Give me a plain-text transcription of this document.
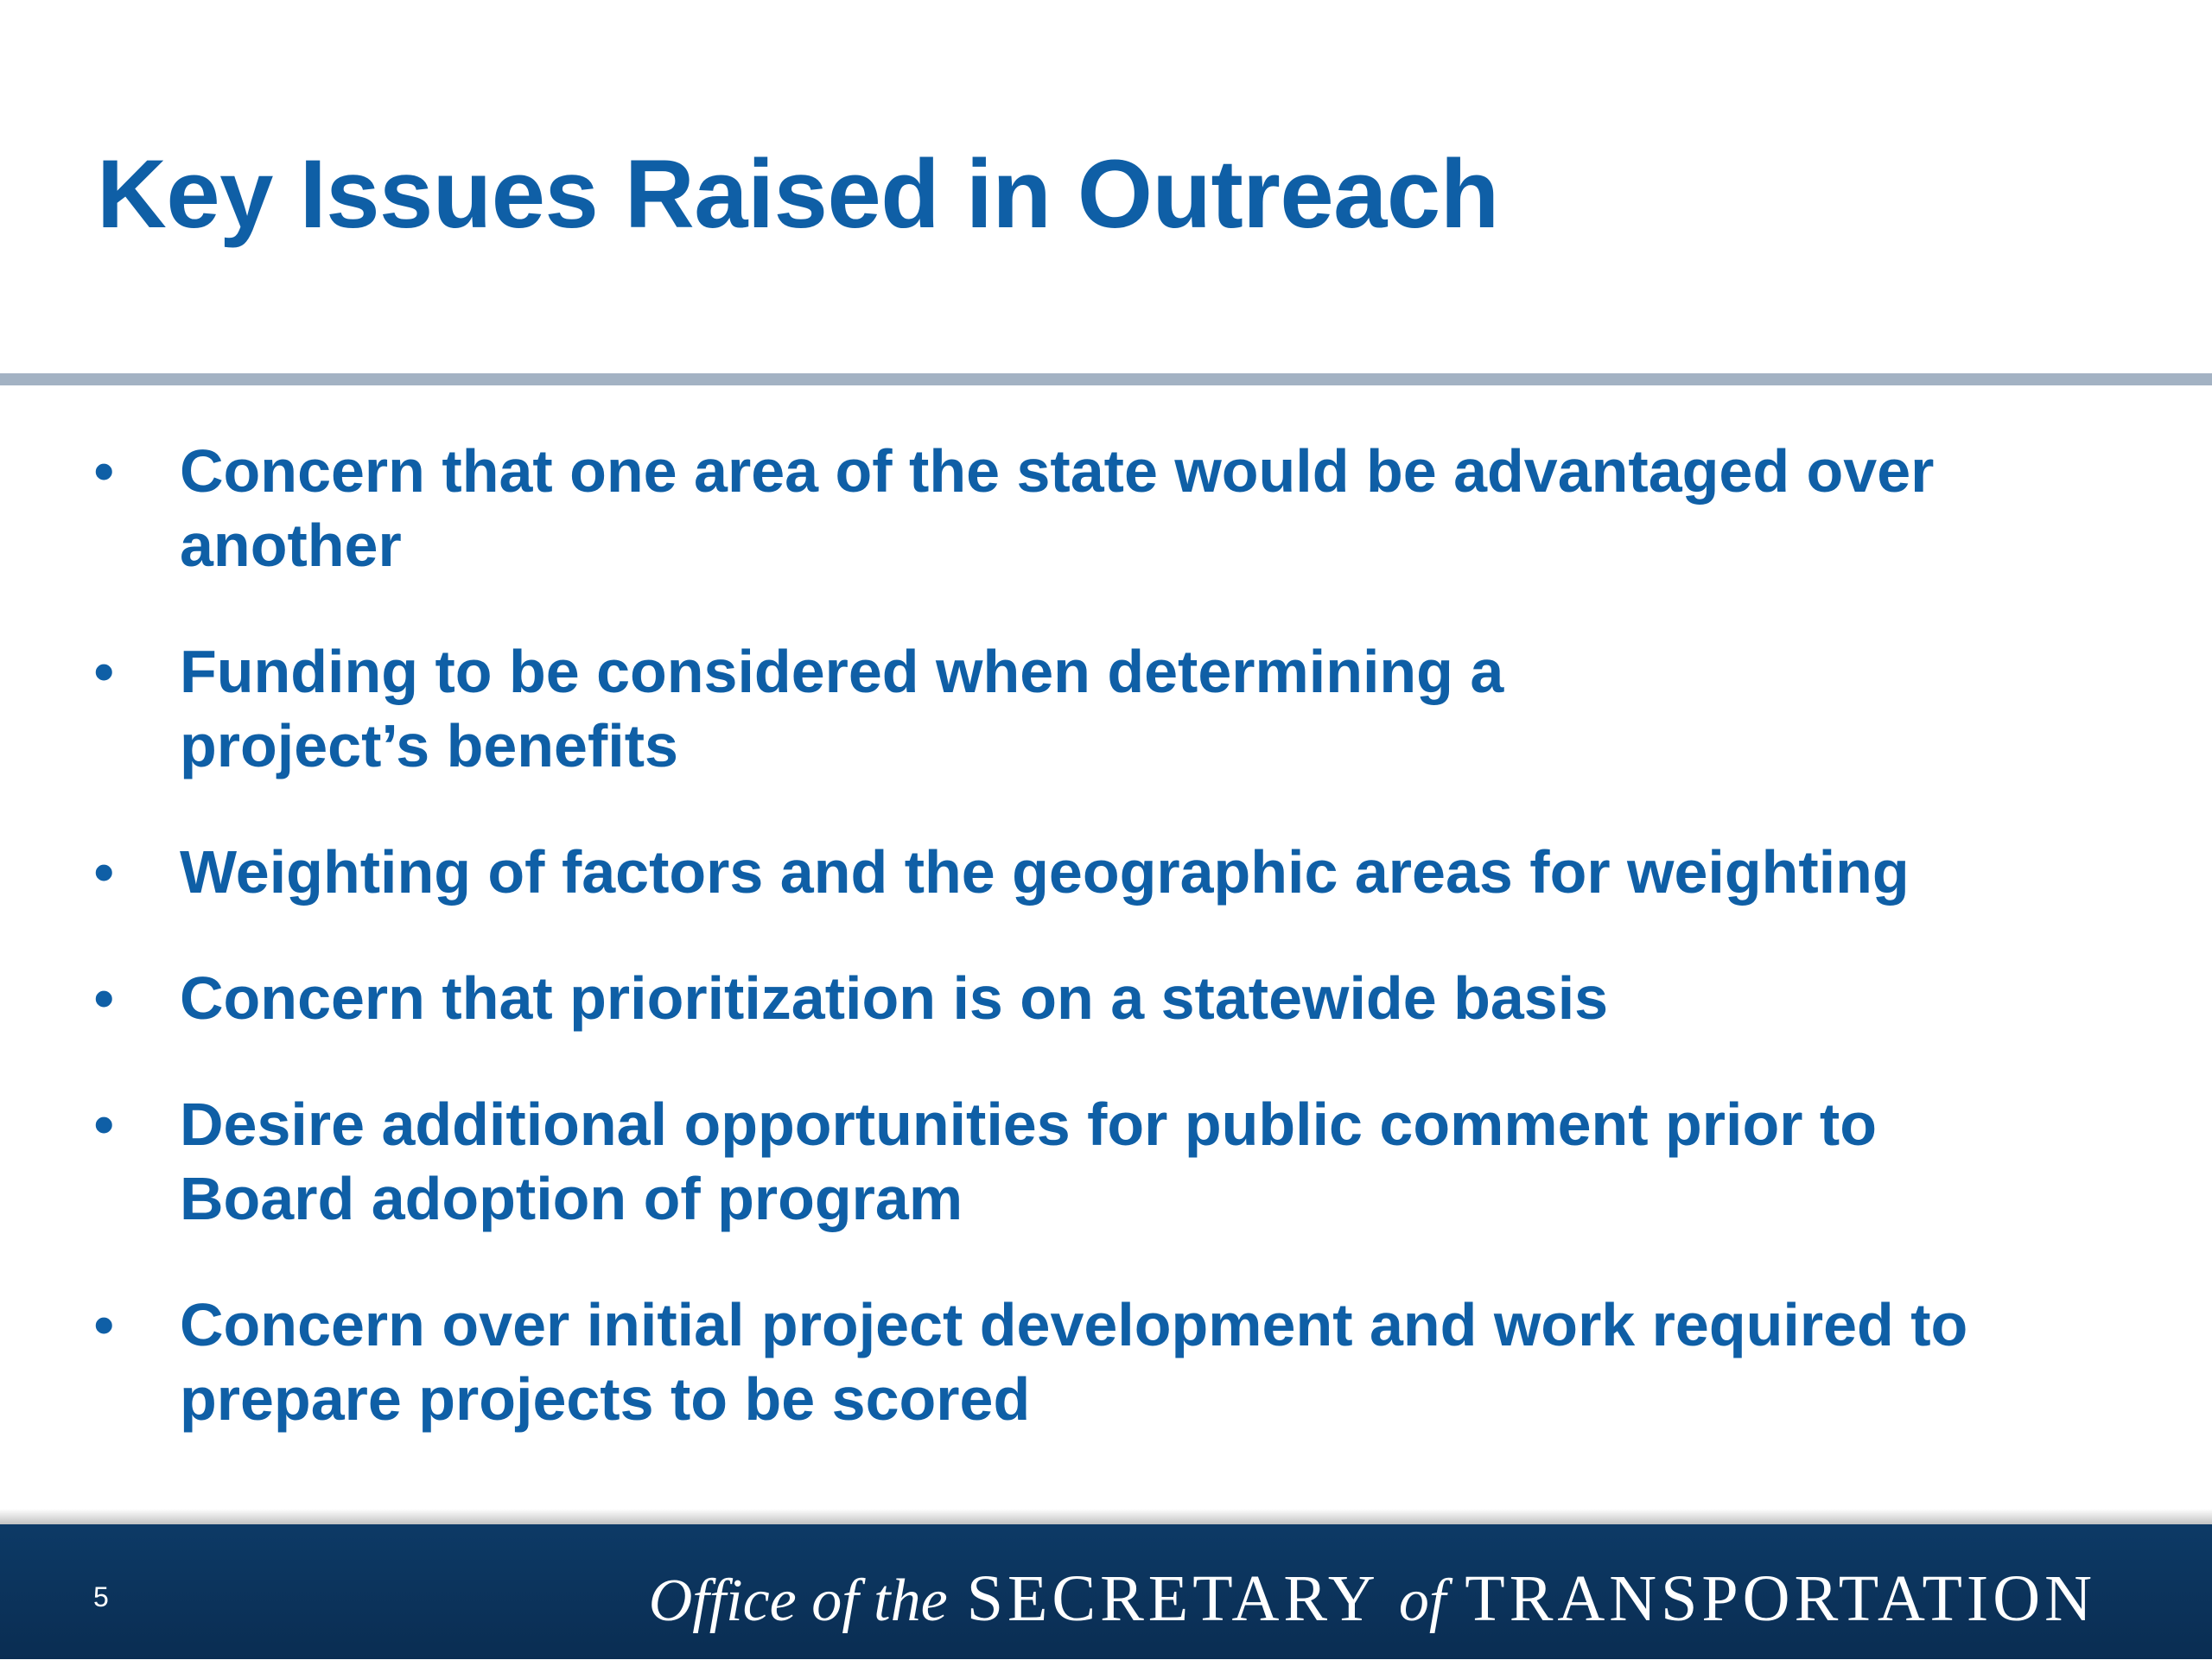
Key Issues Raised in Outreach
• Concern that one area of the state would be advantaged over another
• Funding to be considered when determining a project’s benefits
• Weighting of factors and the geographic areas for weighting
• Concern that prioritization is on a statewide basis
• Desire additional opportunities for public comment prior to Board adoption of program
• Concern over initial project development and work required to prepare projects to be scored
5	Office of the SECRETARY of TRANSPORTATION
